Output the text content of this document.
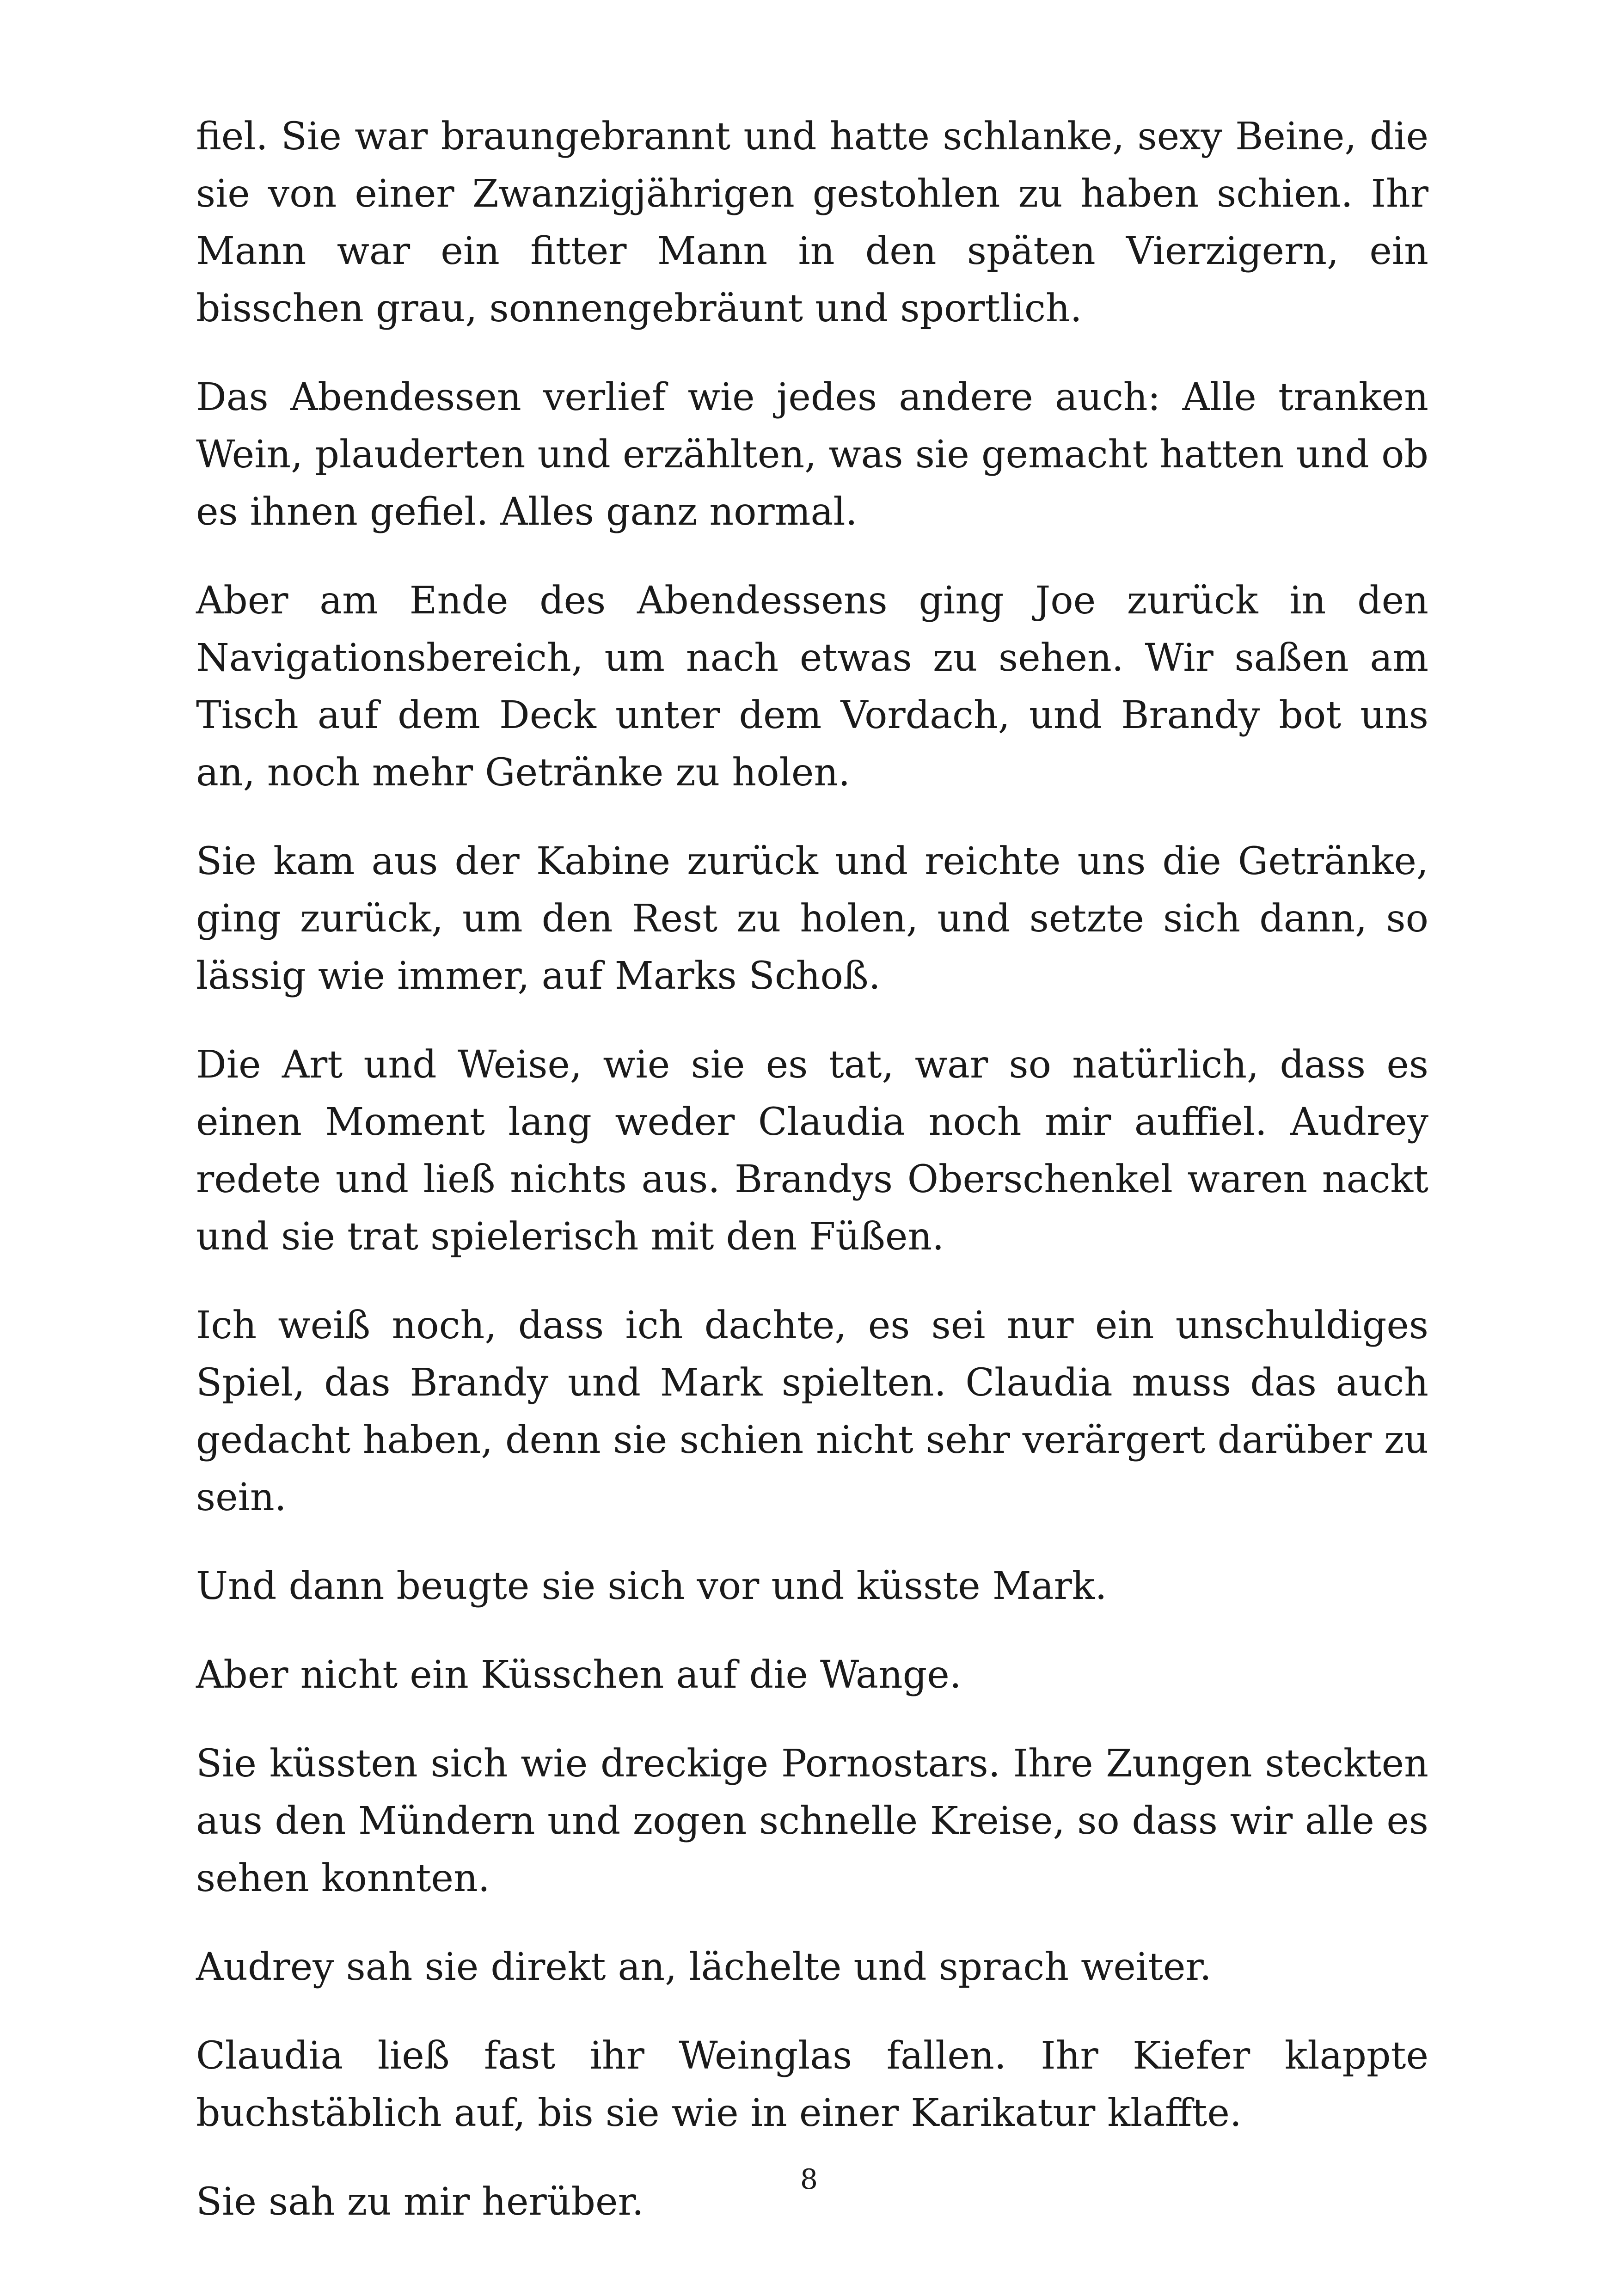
fiel. Sie war braungebrannt und hatte schlanke, sexy Beine, die sie von einer Zwanzigjährigen gestohlen zu haben schien. Ihr Mann war ein fitter Mann in den späten Vierzigern, ein bisschen grau, sonnengebräunt und sportlich.

Das Abendessen verlief wie jedes andere auch: Alle tranken Wein, plauderten und erzählten, was sie gemacht hatten und ob es ihnen gefiel. Alles ganz normal.

Aber am Ende des Abendessens ging Joe zurück in den Navigationsbereich, um nach etwas zu sehen. Wir saßen am Tisch auf dem Deck unter dem Vordach, und Brandy bot uns an, noch mehr Getränke zu holen.

Sie kam aus der Kabine zurück und reichte uns die Getränke, ging zurück, um den Rest zu holen, und setzte sich dann, so lässig wie immer, auf Marks Schoß.

Die Art und Weise, wie sie es tat, war so natürlich, dass es einen Moment lang weder Claudia noch mir auffiel. Audrey redete und ließ nichts aus. Brandys Oberschenkel waren nackt und sie trat spielerisch mit den Füßen.

Ich weiß noch, dass ich dachte, es sei nur ein unschuldiges Spiel, das Brandy und Mark spielten. Claudia muss das auch gedacht haben, denn sie schien nicht sehr verärgert darüber zu sein.

Und dann beugte sie sich vor und küsste Mark.

Aber nicht ein Küsschen auf die Wange.

Sie küssten sich wie dreckige Pornostars. Ihre Zungen steckten aus den Mündern und zogen schnelle Kreise, so dass wir alle es sehen konnten.

Audrey sah sie direkt an, lächelte und sprach weiter.

Claudia ließ fast ihr Weinglas fallen. Ihr Kiefer klappte buchstäblich auf, bis sie wie in einer Karikatur klaffte.

Sie sah zu mir herüber.

8
